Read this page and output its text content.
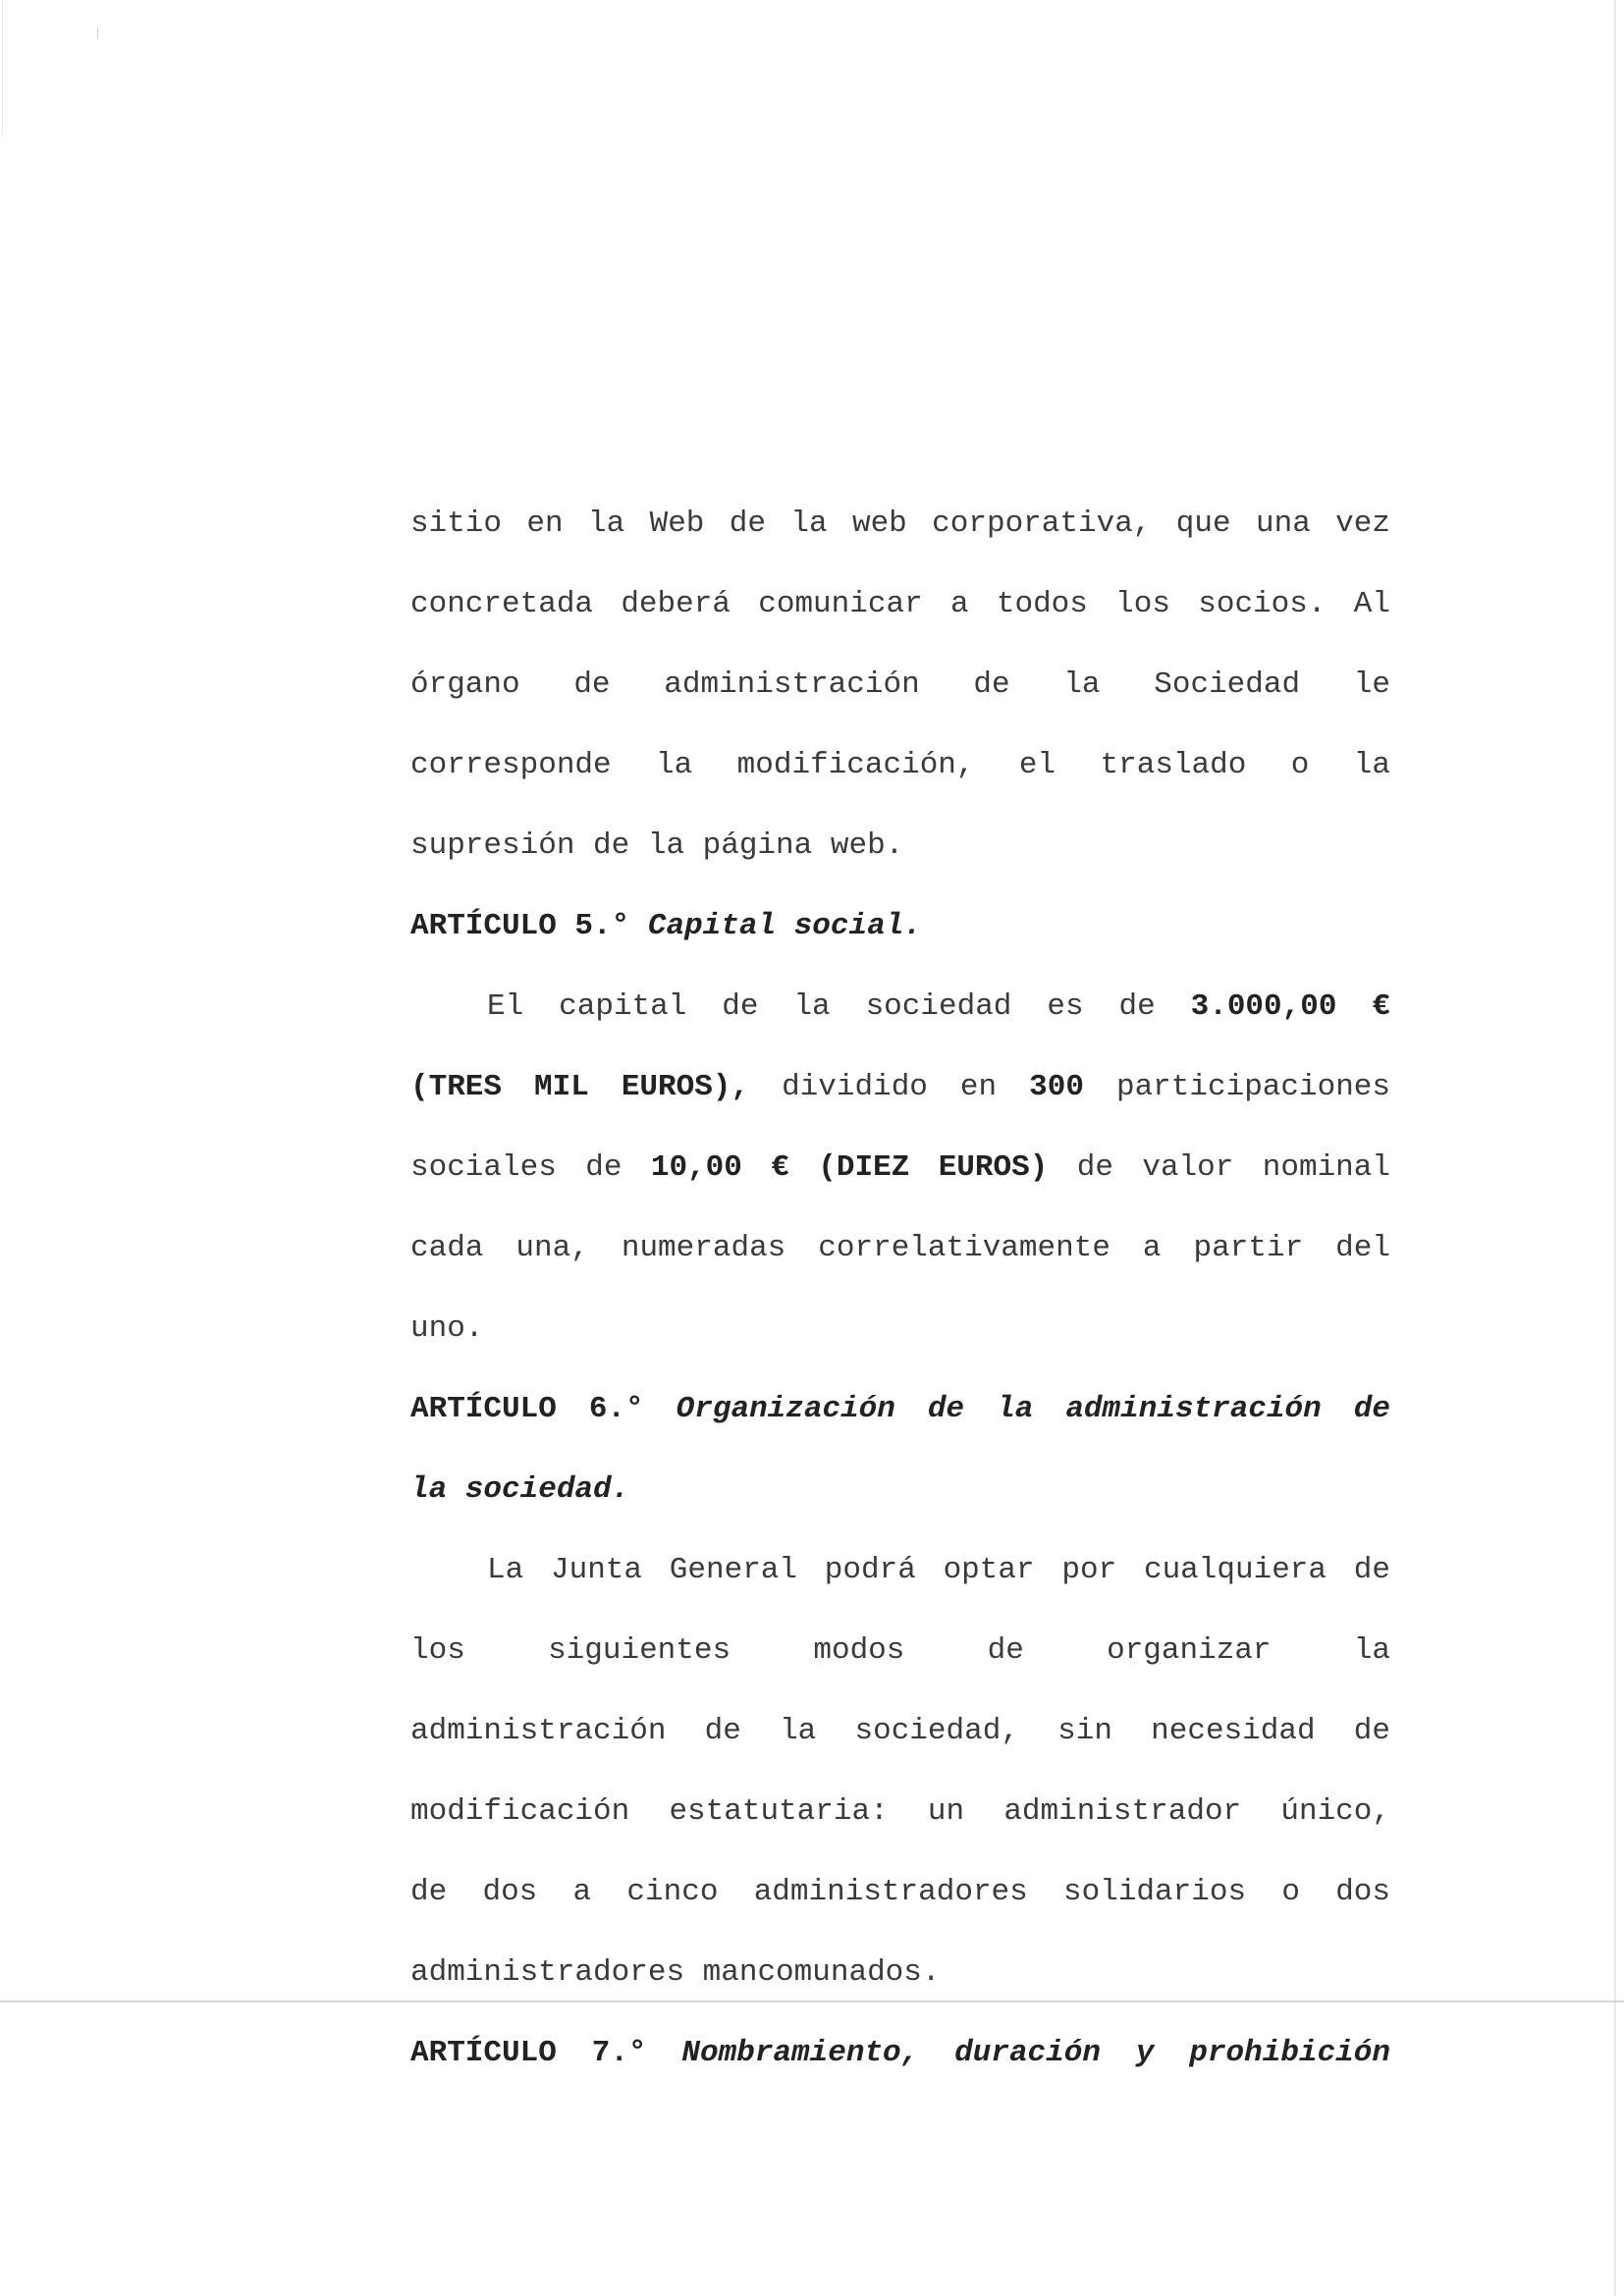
sitio en la Web de la web corporativa, que una vez
concretada deberá comunicar a todos los socios. Al
órgano de administración de la Sociedad le
corresponde la modificación, el traslado o la
supresión de la página web.
ARTÍCULO 5.° Capital social.
El capital de la sociedad es de 3.000,00 €
(TRES MIL EUROS), dividido en 300 participaciones
sociales de 10,00 € (DIEZ EUROS) de valor nominal
cada una, numeradas correlativamente a partir del
uno.
ARTÍCULO 6.° Organización de la administración de
la sociedad.
La Junta General podrá optar por cualquiera de
los siguientes modos de organizar la
administración de la sociedad, sin necesidad de
modificación estatutaria: un administrador único,
de dos a cinco administradores solidarios o dos
administradores mancomunados.
ARTÍCULO 7.° Nombramiento, duración y prohibición
